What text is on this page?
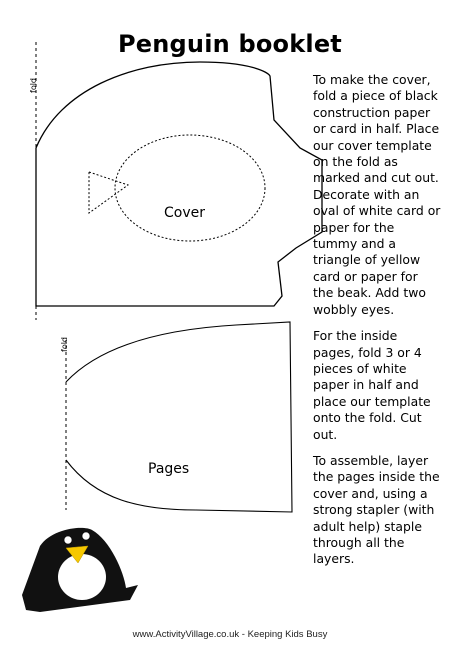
Penguin booklet
fold
fold
Cover
Pages

To make the cover, fold a piece of black construction paper or card in half. Place our cover template on the fold as marked and cut out. Decorate with an oval of white card or paper for the tummy and a triangle of yellow card or paper for the beak. Add two wobbly eyes.

For the inside pages, fold 3 or 4 pieces of white paper in half and place our template onto the fold. Cut out.

To assemble, layer the pages inside the cover and, using a strong stapler (with adult help) staple through all the layers.

www.ActivityVillage.co.uk - Keeping Kids Busy
